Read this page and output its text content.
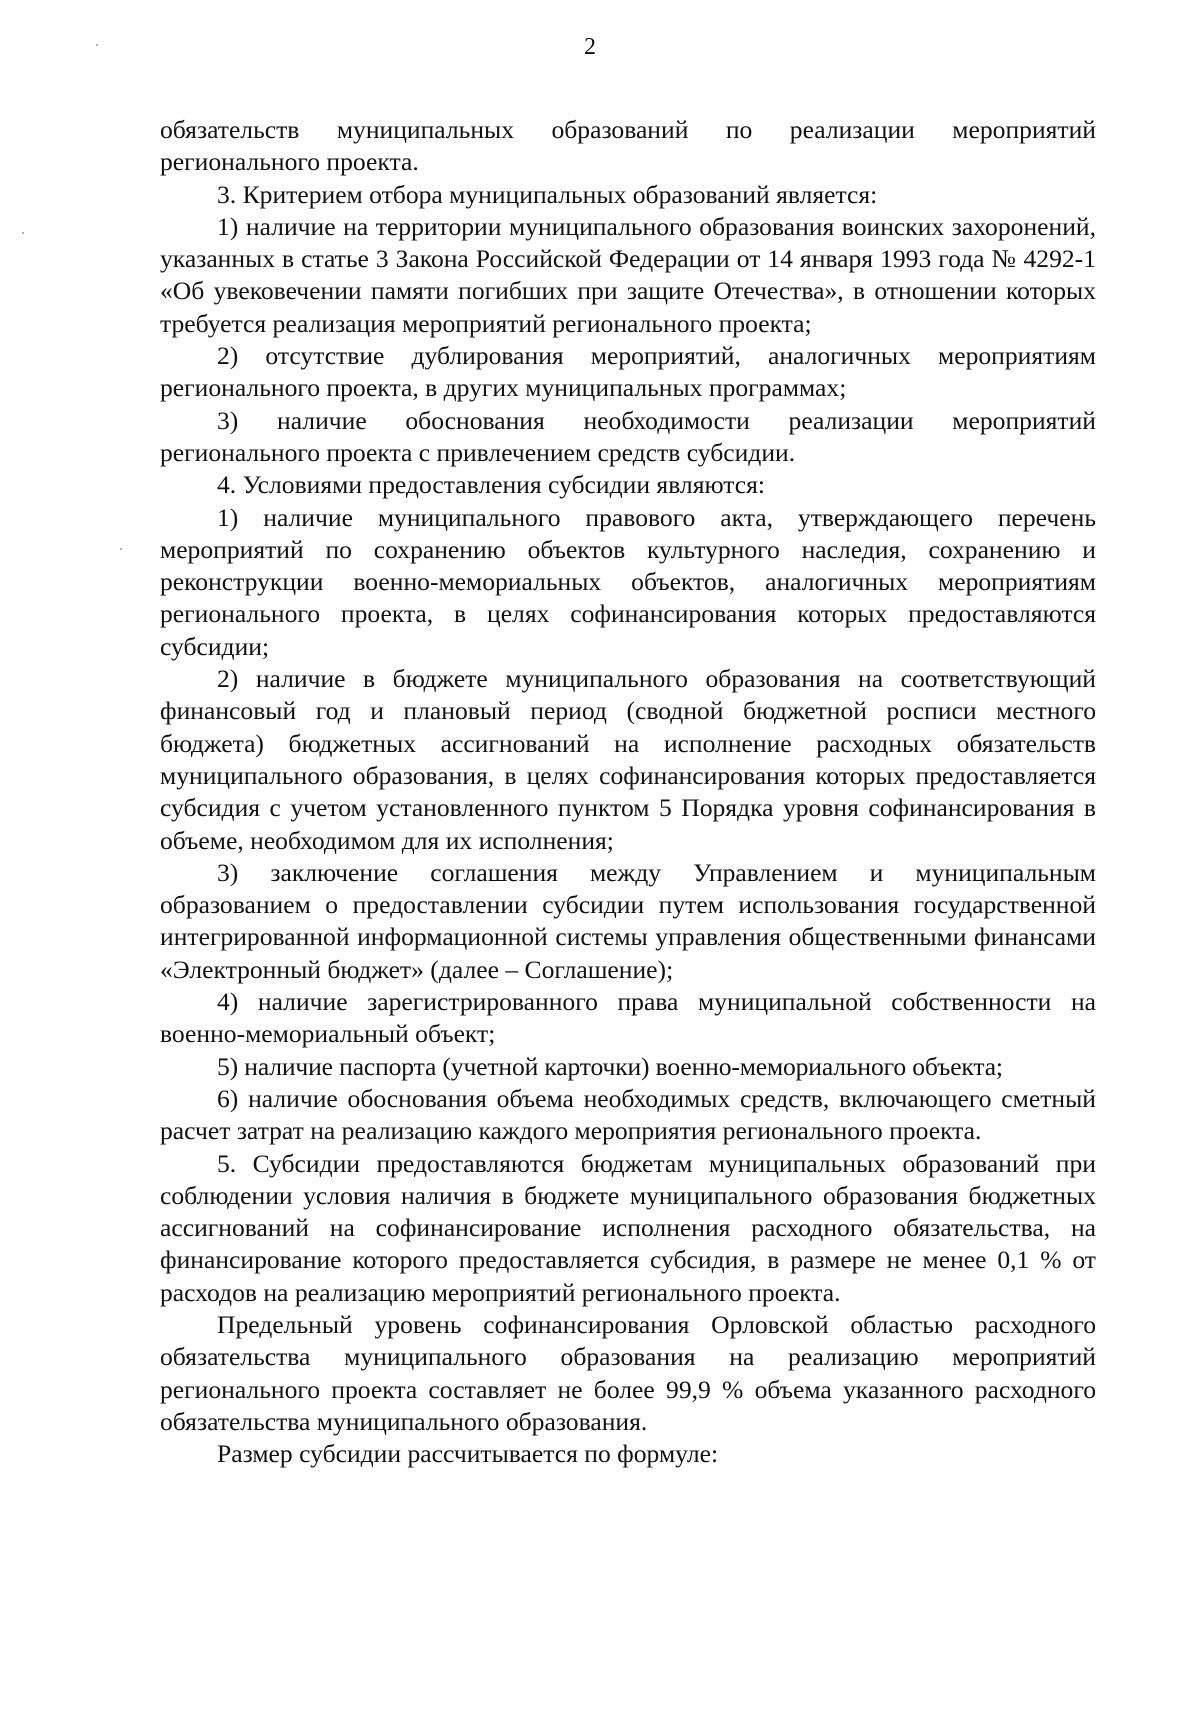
2

обязательств муниципальных образований по реализации мероприятий регионального проекта.

3. Критерием отбора муниципальных образований является:

1) наличие на территории муниципального образования воинских захоронений, указанных в статье 3 Закона Российской Федерации от 14 января 1993 года № 4292-1 «Об увековечении памяти погибших при защите Отечества», в отношении которых требуется реализация мероприятий регионального проекта;

2) отсутствие дублирования мероприятий, аналогичных мероприятиям регионального проекта, в других муниципальных программах;

3) наличие обоснования необходимости реализации мероприятий регионального проекта с привлечением средств субсидии.

4. Условиями предоставления субсидии являются:

1) наличие муниципального правового акта, утверждающего перечень мероприятий по сохранению объектов культурного наследия, сохранению и реконструкции военно-мемориальных объектов, аналогичных мероприятиям регионального проекта, в целях софинансирования которых предоставляются субсидии;

2) наличие в бюджете муниципального образования на соответствующий финансовый год и плановый период (сводной бюджетной росписи местного бюджета) бюджетных ассигнований на исполнение расходных обязательств муниципального образования, в целях софинансирования которых предоставляется субсидия с учетом установленного пунктом 5 Порядка уровня софинансирования в объеме, необходимом для их исполнения;

3) заключение соглашения между Управлением и муниципальным образованием о предоставлении субсидии путем использования государственной интегрированной информационной системы управления общественными финансами «Электронный бюджет» (далее – Соглашение);

4) наличие зарегистрированного права муниципальной собственности на военно-мемориальный объект;

5) наличие паспорта (учетной карточки) военно-мемориального объекта;

6) наличие обоснования объема необходимых средств, включающего сметный расчет затрат на реализацию каждого мероприятия регионального проекта.

5. Субсидии предоставляются бюджетам муниципальных образований при соблюдении условия наличия в бюджете муниципального образования бюджетных ассигнований на софинансирование исполнения расходного обязательства, на финансирование которого предоставляется субсидия, в размере не менее 0,1 % от расходов на реализацию мероприятий регионального проекта.

Предельный уровень софинансирования Орловской областью расходного обязательства муниципального образования на реализацию мероприятий регионального проекта составляет не более 99,9 % объема указанного расходного обязательства муниципального образования.

Размер субсидии рассчитывается по формуле:
